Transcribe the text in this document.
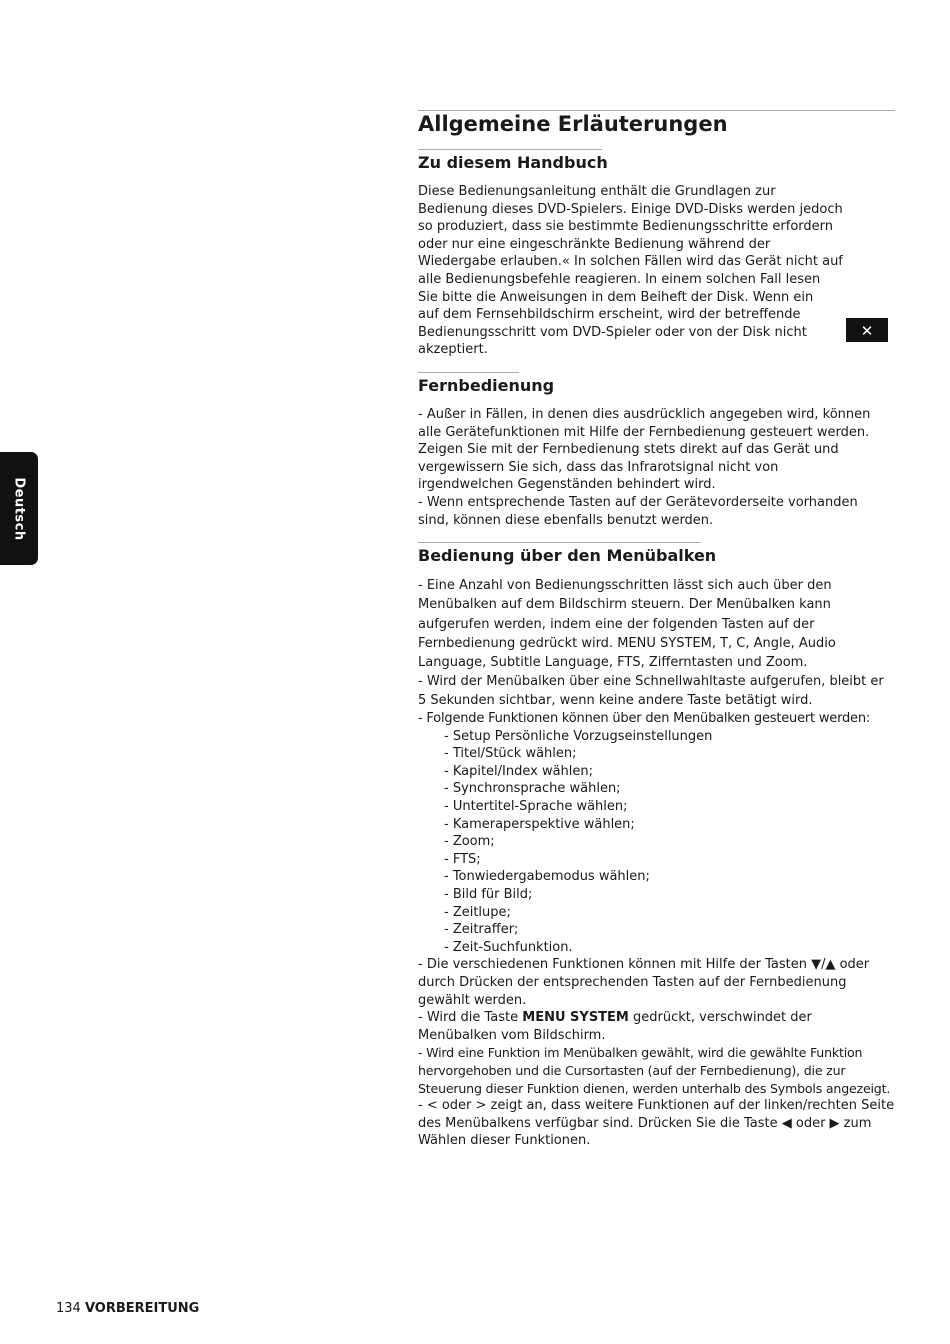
Deutsch
Allgemeine Erläuterungen
Zu diesem Handbuch

Diese Bedienungsanleitung enthält die Grundlagen zur Bedienung dieses DVD-Spielers. Einige DVD-Disks werden jedoch so produziert, dass sie bestimmte Bedienungsschritte erfordern oder nur eine eingeschränkte Bedienung während der Wiedergabe erlauben.« In solchen Fällen wird das Gerät nicht auf alle Bedienungsbefehle reagieren. In einem solchen Fall lesen Sie bitte die Anweisungen in dem Beiheft der Disk. Wenn ein

auf dem Fernsehbildschirm erscheint, wird der betreffende Bedienungsschritt vom DVD-Spieler oder von der Disk nicht akzeptiert.

✕
Fernbedienung

- Außer in Fällen, in denen dies ausdrücklich angegeben wird, können alle Gerätefunktionen mit Hilfe der Fernbedienung gesteuert werden. Zeigen Sie mit der Fernbedienung stets direkt auf das Gerät und vergewissern Sie sich, dass das Infrarotsignal nicht von irgendwelchen Gegenständen behindert wird.

- Wenn entsprechende Tasten auf der Gerätevorderseite vorhanden sind, können diese ebenfalls benutzt werden.

Bedienung über den Menübalken

- Eine Anzahl von Bedienungsschritten lässt sich auch über den Menübalken auf dem Bildschirm steuern. Der Menübalken kann aufgerufen werden, indem eine der folgenden Tasten auf der Fernbedienung gedrückt wird. MENU SYSTEM, T, C, Angle, Audio Language, Subtitle Language, FTS, Zifferntasten und Zoom.

- Wird der Menübalken über eine Schnellwahltaste aufgerufen, bleibt er 5 Sekunden sichtbar, wenn keine andere Taste betätigt wird.

- Folgende Funktionen können über den Menübalken gesteuert werden:

- Setup Persönliche Vorzugseinstellungen
- Titel/Stück wählen;
- Kapitel/Index wählen;
- Synchronsprache wählen;
- Untertitel-Sprache wählen;
- Kameraperspektive wählen;
- Zoom;
- FTS;
- Tonwiedergabemodus wählen;
- Bild für Bild;
- Zeitlupe;
- Zeitraffer;
- Zeit-Suchfunktion.

- Die verschiedenen Funktionen können mit Hilfe der Tasten ▼/▲ oder durch Drücken der entsprechenden Tasten auf der Fernbedienung gewählt werden.

- Wird die Taste MENU SYSTEM gedrückt, verschwindet der Menübalken vom Bildschirm.

- Wird eine Funktion im Menübalken gewählt, wird die gewählte Funktion hervorgehoben und die Cursortasten (auf der Fernbedienung), die zur Steuerung dieser Funktion dienen, werden unterhalb des Symbols angezeigt.

- < oder > zeigt an, dass weitere Funktionen auf der linken/rechten Seite des Menübalkens verfügbar sind. Drücken Sie die Taste ◀ oder ▶ zum Wählen dieser Funktionen.

134 VORBEREITUNG
